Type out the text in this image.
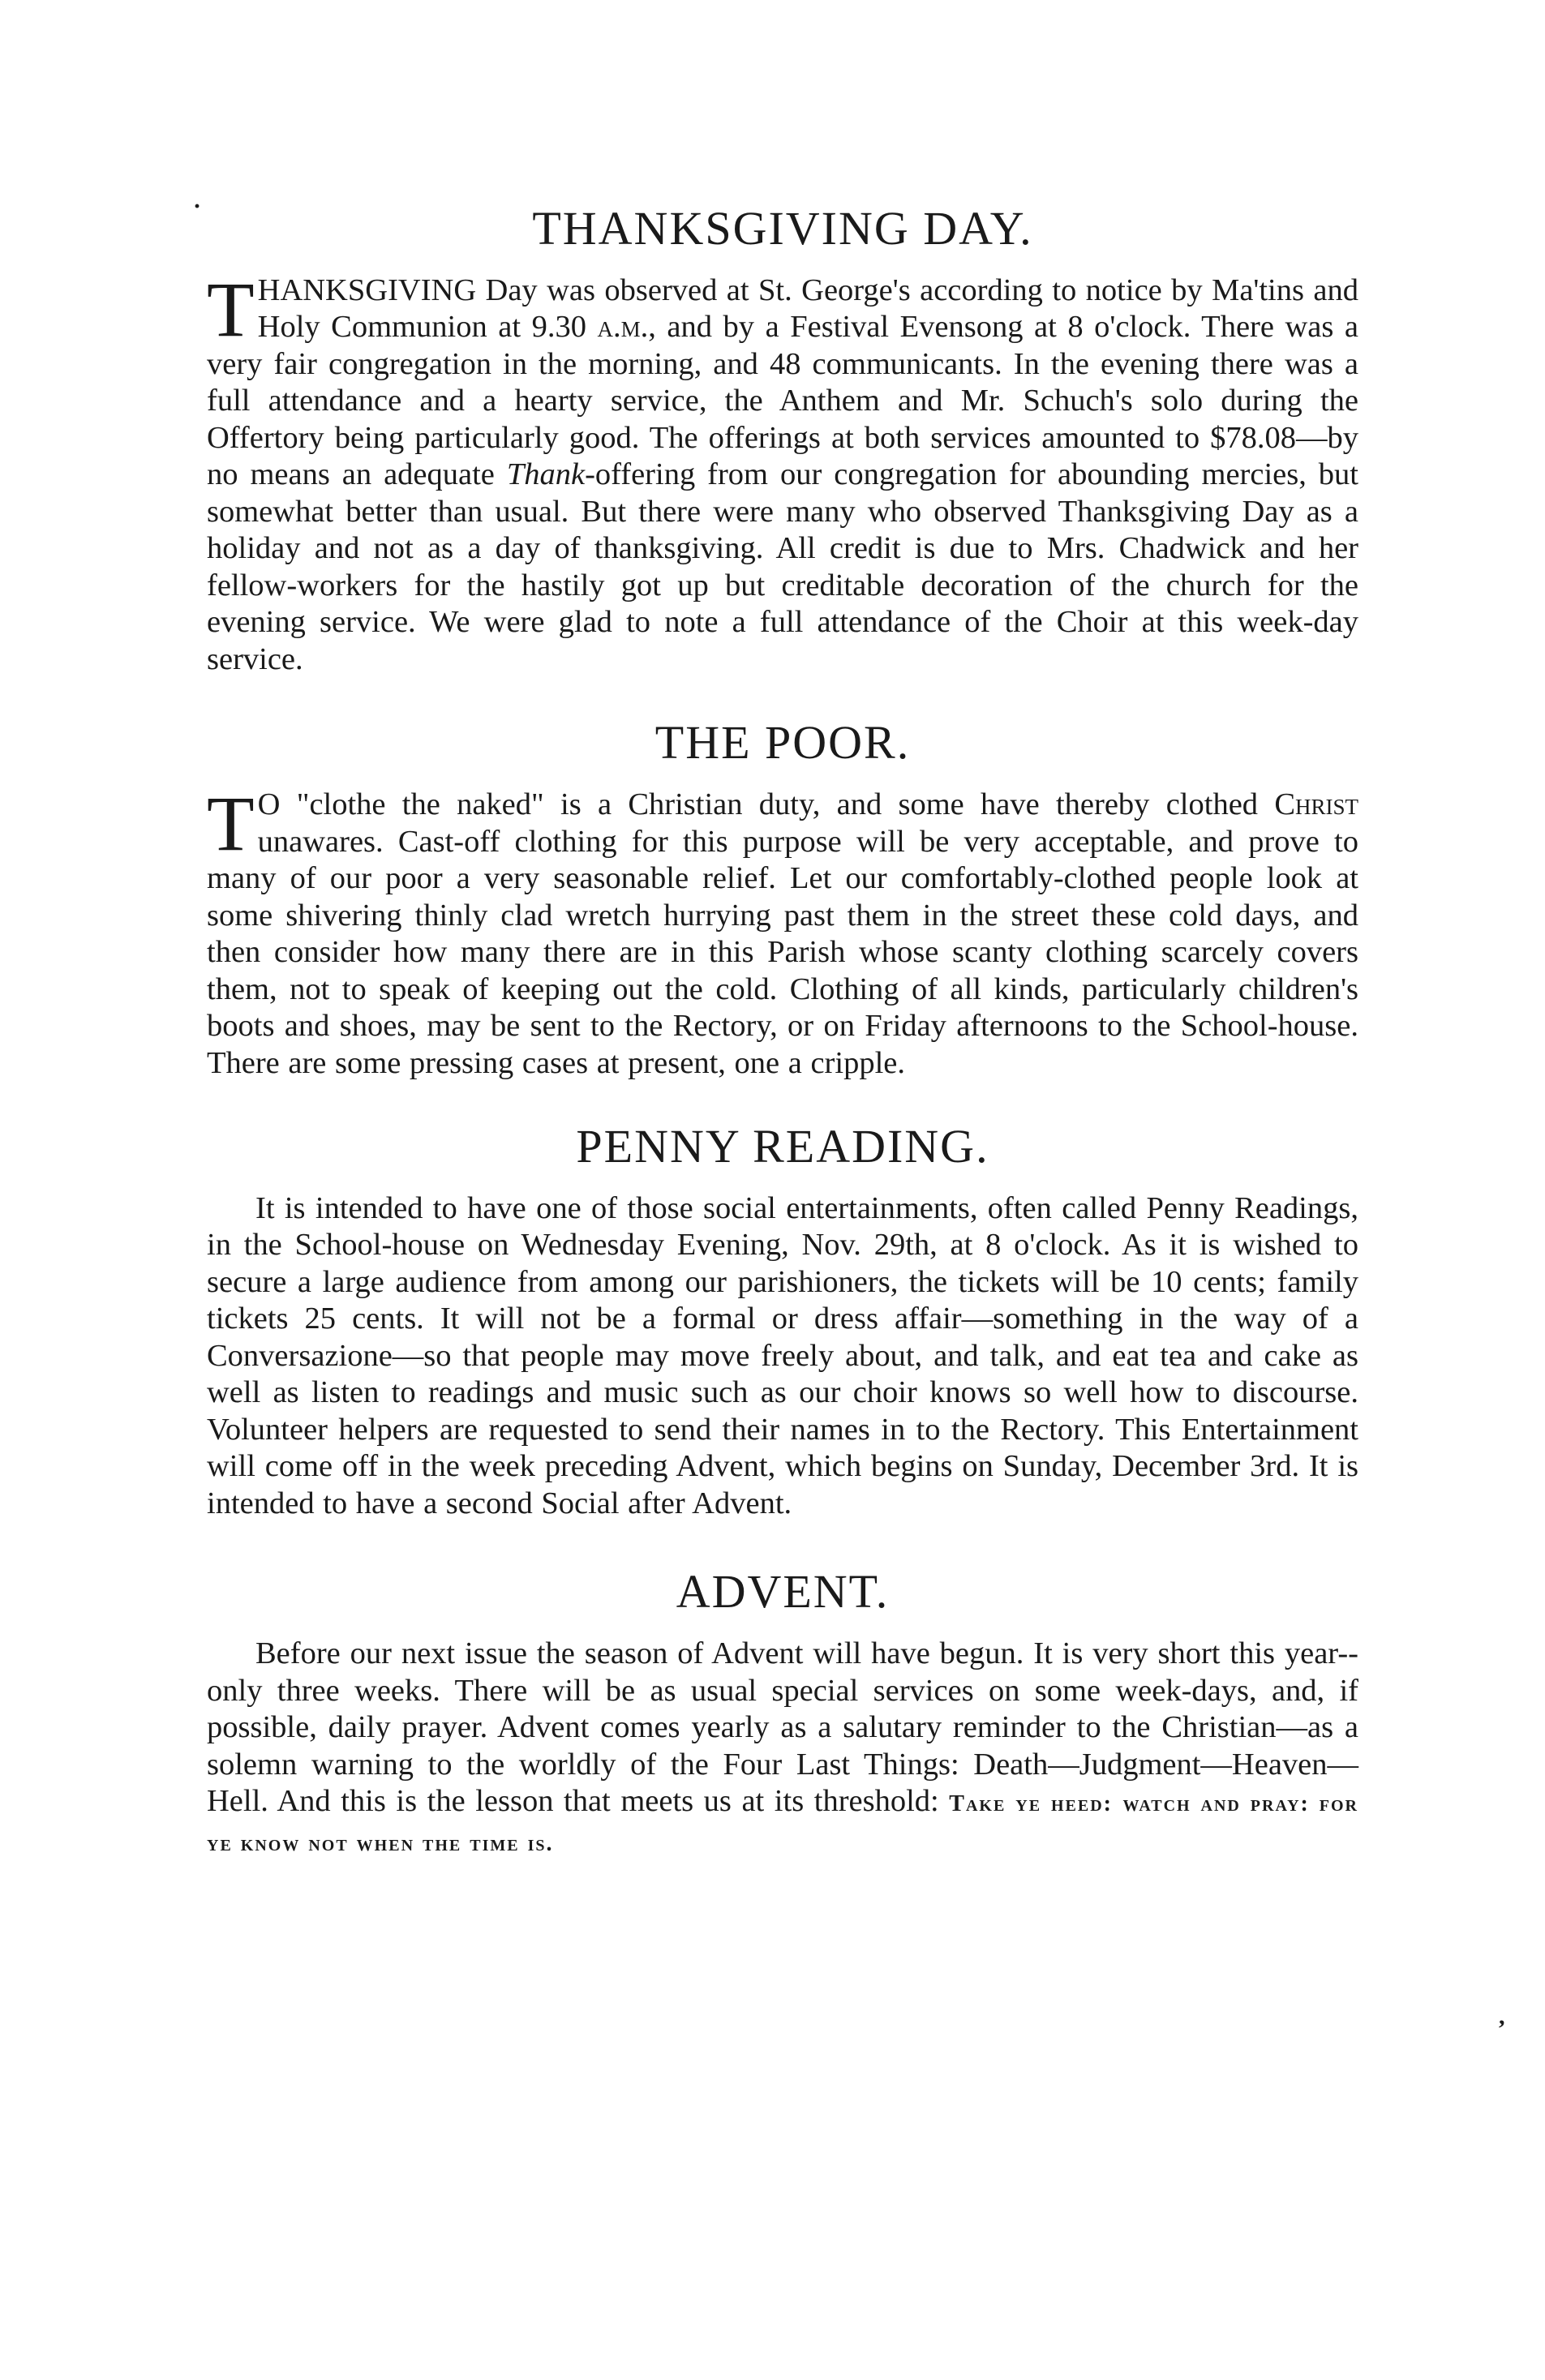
THANKSGIVING DAY.

THANKSGIVING Day was observed at St. George's according to notice by Ma'tins and Holy Communion at 9.30 a.m., and by a Festival Evensong at 8 o'clock. There was a very fair congregation in the morning, and 48 communicants. In the evening there was a full attendance and a hearty service, the Anthem and Mr. Schuch's solo during the Offertory being particularly good. The offerings at both services amounted to $78.08—by no means an adequate Thank-offering from our congregation for abounding mercies, but somewhat better than usual. But there were many who observed Thanksgiving Day as a holiday and not as a day of thanksgiving. All credit is due to Mrs. Chadwick and her fellow-workers for the hastily got up but creditable decoration of the church for the evening service. We were glad to note a full attendance of the Choir at this week-day service.

THE POOR.

T O "clothe the naked" is a Christian duty, and some have thereby clothed Christ unawares. Cast-off clothing for this purpose will be very acceptable, and prove to many of our poor a very seasonable relief. Let our comfortably-clothed people look at some shivering thinly clad wretch hurrying past them in the street these cold days, and then consider how many there are in this Parish whose scanty clothing scarcely covers them, not to speak of keeping out the cold. Clothing of all kinds, particularly children's boots and shoes, may be sent to the Rectory, or on Friday afternoons to the School-house. There are some pressing cases at present, one a cripple.

PENNY READING.

It is intended to have one of those social entertainments, often called Penny Readings, in the School-house on Wednesday Evening, Nov. 29th, at 8 o'clock. As it is wished to secure a large audience from among our parishioners, the tickets will be 10 cents; family tickets 25 cents. It will not be a formal or dress affair—something in the way of a Conversazione—so that people may move freely about, and talk, and eat tea and cake as well as listen to readings and music such as our choir knows so well how to discourse. Volunteer helpers are requested to send their names in to the Rectory. This Entertainment will come off in the week preceding Advent, which begins on Sunday, December 3rd. It is intended to have a second Social after Advent.

ADVENT.

Before our next issue the season of Advent will have begun. It is very short this year--only three weeks. There will be as usual special services on some week-days, and, if possible, daily prayer. Advent comes yearly as a salutary reminder to the Christian—as a solemn warning to the worldly of the Four Last Things: Death—Judgment—Heaven—Hell. And this is the lesson that meets us at its threshold: Take ye heed: watch and pray: for ye know not when the time is.

·
,
